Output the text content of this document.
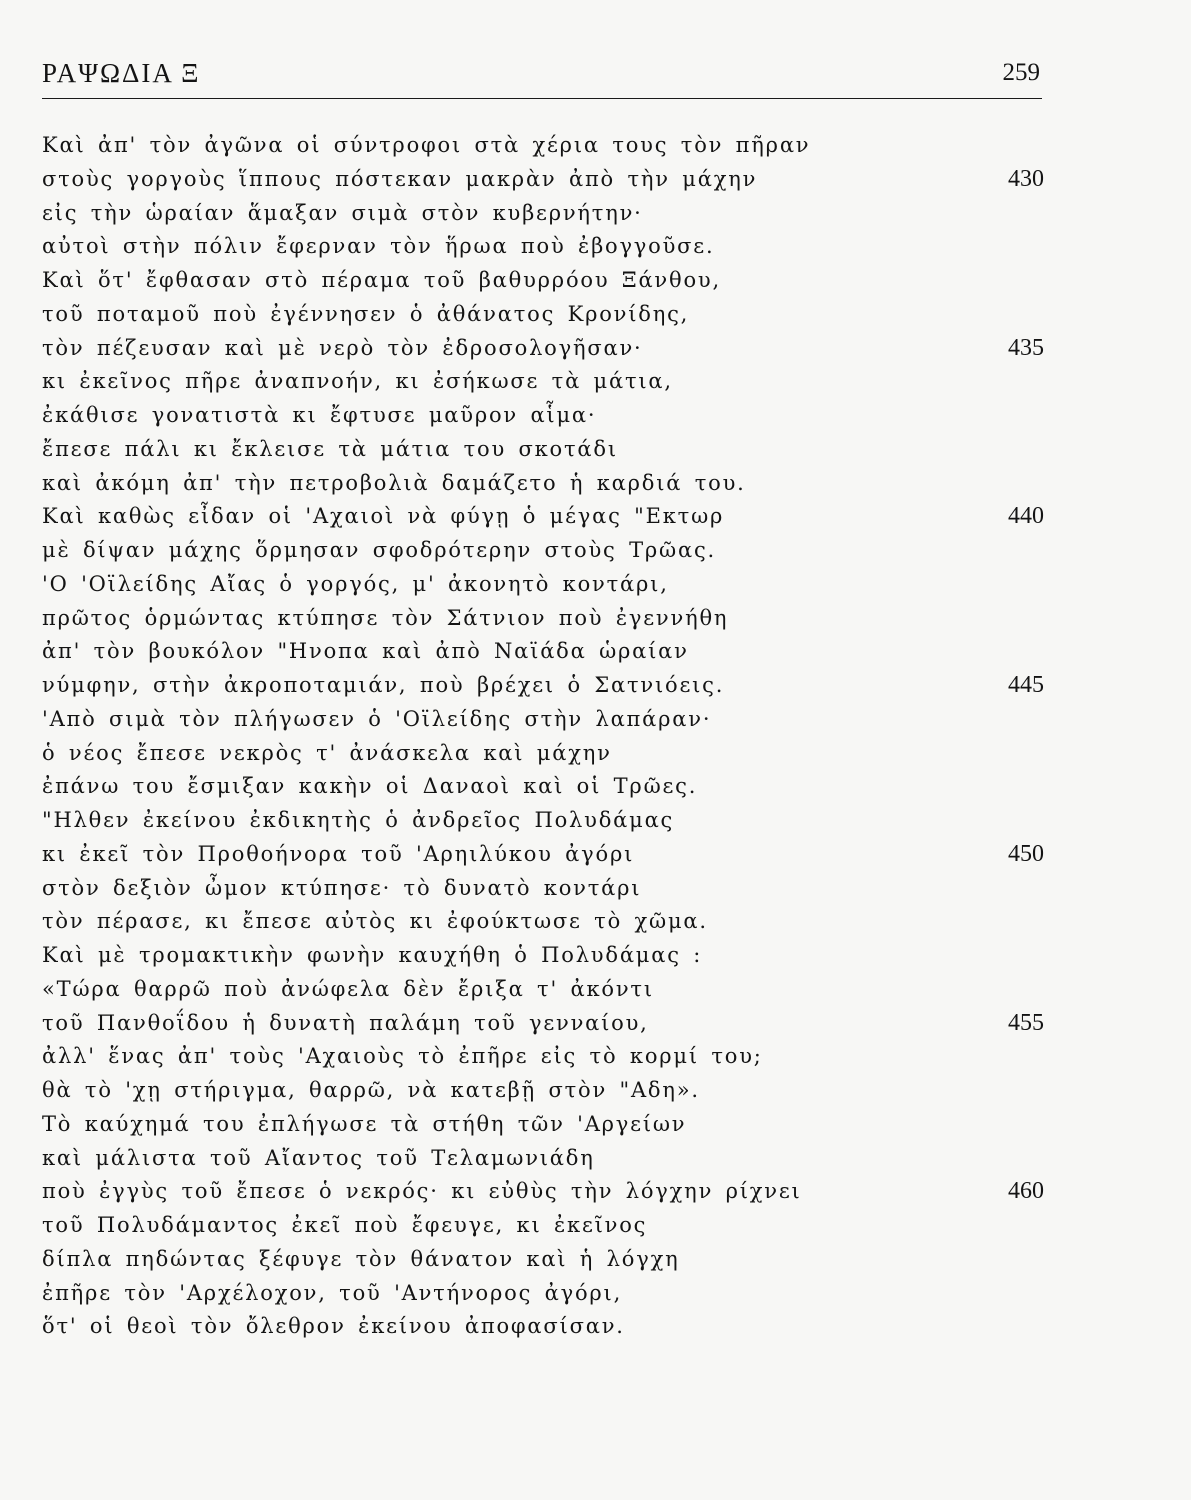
ΡΑΨΩΔΙΑ Ξ	259
Καὶ ἀπ' τὸν ἀγῶνα οἱ σύντροφοι στὰ χέρια τους τὸν πῆραν
στοὺς γοργοὺς ἵππους πόστεκαν μακρὰν ἀπὸ τὴν μάχην	430
εἰς τὴν ὡραίαν ἅμαξαν σιμὰ στὸν κυβερνήτην·
αὐτοὶ στὴν πόλιν ἔφερναν τὸν ἥρωα ποὺ ἐβογγοῦσε.
Καὶ ὅτ' ἔφθασαν στὸ πέραμα τοῦ βαθυρρόου Ξάνθου,
τοῦ ποταμοῦ ποὺ ἐγέννησεν ὁ ἀθάνατος Κρονίδης,
τὸν πέζευσαν καὶ μὲ νερὸ τὸν ἐδροσολογῆσαν·	435
κι ἐκεῖνος πῆρε ἀναπνοήν, κι ἐσήκωσε τὰ μάτια,
ἐκάθισε γονατιστὰ κι ἔφτυσε μαῦρον αἷμα·
ἔπεσε πάλι κι ἔκλεισε τὰ μάτια του σκοτάδι
καὶ ἀκόμη ἀπ' τὴν πετροβολιὰ δαμάζετο ἡ καρδιά του.
Καὶ καθὼς εἶδαν οἱ 'Αχαιοὶ νὰ φύγῃ ὁ μέγας "Εκτωρ	440
μὲ δίψαν μάχης ὅρμησαν σφοδρότερην στοὺς Τρῶας.
'Ο 'Οϊλείδης Αἴας ὁ γοργός, μ' ἀκονητὸ κοντάρι,
πρῶτος ὁρμώντας κτύπησε τὸν Σάτνιον ποὺ ἐγεννήθη
ἀπ' τὸν βουκόλον "Ηνοπα καὶ ἀπὸ Ναϊάδα ὡραίαν
νύμφην, στὴν ἀκροποταμιάν, ποὺ βρέχει ὁ Σατνιόεις.	445
'Απὸ σιμὰ τὸν πλήγωσεν ὁ 'Οϊλείδης στὴν λαπάραν·
ὁ νέος ἔπεσε νεκρὸς τ' ἀνάσκελα καὶ μάχην
ἐπάνω του ἔσμιξαν κακὴν οἱ Δαναοὶ καὶ οἱ Τρῶες.
"Ηλθεν ἐκείνου ἐκδικητὴς ὁ ἀνδρεῖος Πολυδάμας
κι ἐκεῖ τὸν Προθοήνορα τοῦ 'Αρηιλύκου ἀγόρι	450
στὸν δεξιὸν ὦμον κτύπησε· τὸ δυνατὸ κοντάρι
τὸν πέρασε, κι ἔπεσε αὐτὸς κι ἐφούκτωσε τὸ χῶμα.
Καὶ μὲ τρομακτικὴν φωνὴν καυχήθη ὁ Πολυδάμας :
«Τώρα θαρρῶ ποὺ ἀνώφελα δὲν ἔριξα τ' ἀκόντι
τοῦ Πανθοΐδου ἡ δυνατὴ παλάμη τοῦ γενναίου,	455
ἀλλ' ἕνας ἀπ' τοὺς 'Αχαιοὺς τὸ ἐπῆρε εἰς τὸ κορμί του;
θὰ τὸ 'χῃ στήριγμα, θαρρῶ, νὰ κατεβῇ στὸν "Αδη».
Τὸ καύχημά του ἐπλήγωσε τὰ στήθη τῶν 'Αργείων
καὶ μάλιστα τοῦ Αἴαντος τοῦ Τελαμωνιάδη
ποὺ ἐγγὺς τοῦ ἔπεσε ὁ νεκρός· κι εὐθὺς τὴν λόγχην ρίχνει	460
τοῦ Πολυδάμαντος ἐκεῖ ποὺ ἔφευγε, κι ἐκεῖνος
δίπλα πηδώντας ξέφυγε τὸν θάνατον καὶ ἡ λόγχη
ἐπῆρε τὸν 'Αρχέλοχον, τοῦ 'Αντήνορος ἀγόρι,
ὅτ' οἱ θεοὶ τὸν ὄλεθρον ἐκείνου ἀποφασίσαν.
